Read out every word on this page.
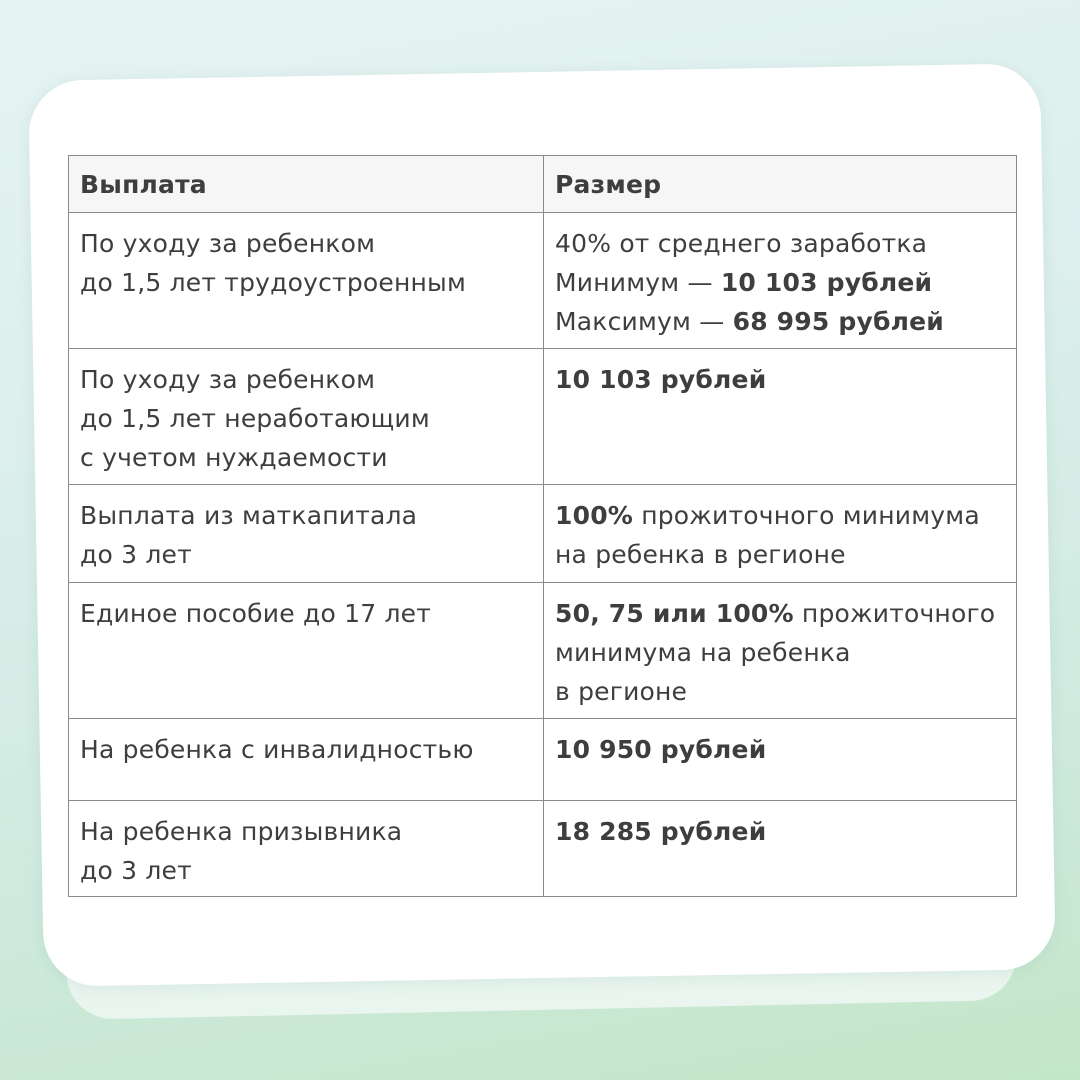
Выплата	Размер

По уходу за ребенком
до 1,5 лет трудоустроенным	40% от среднего заработка
Минимум — 10 103 рублей
Максимум — 68 995 рублей

По уходу за ребенком
до 1,5 лет неработающим
с учетом нуждаемости	10 103 рублей

Выплата из маткапитала
до 3 лет	100% прожиточного минимума
на ребенка в регионе

Единое пособие до 17 лет	50, 75 или 100% прожиточного
минимума на ребенка
в регионе

На ребенка с инвалидностью	10 950 рублей

На ребенка призывника
до 3 лет	18 285 рублей
